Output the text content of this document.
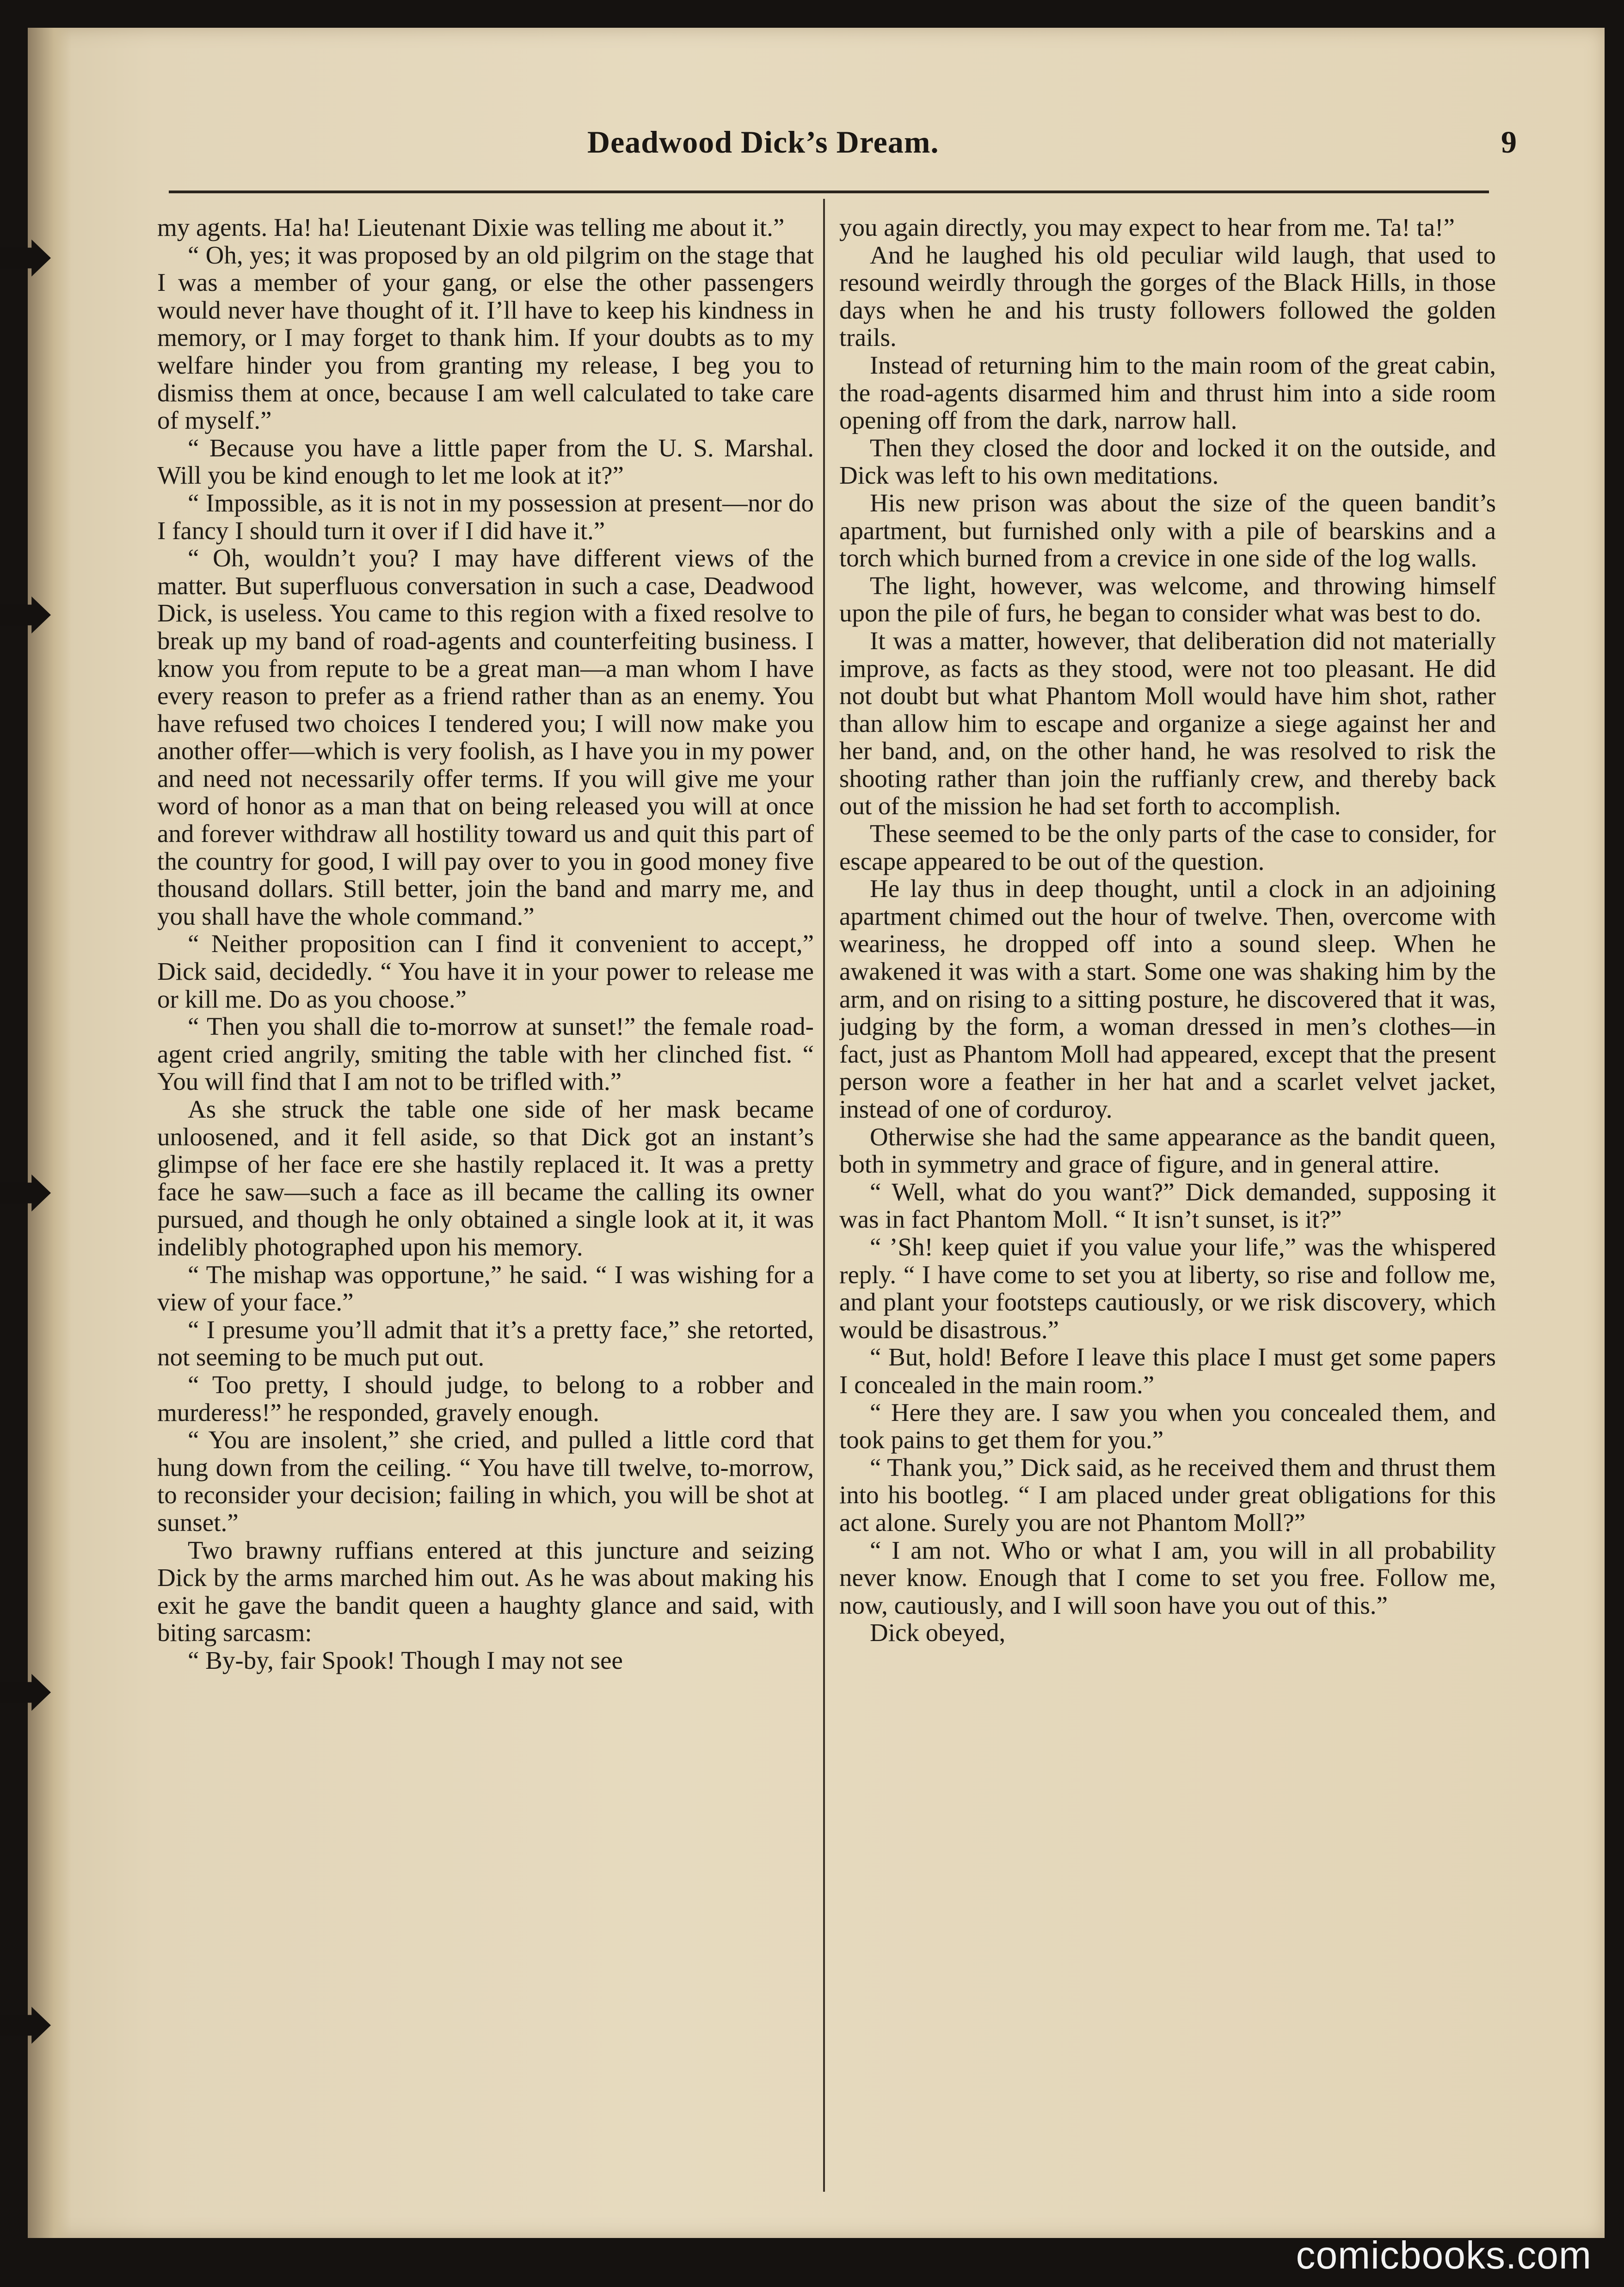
Deadwood Dick’s Dream.	9

my agents. Ha! ha! Lieutenant Dixie was telling me about it.”

“ Oh, yes; it was proposed by an old pilgrim on the stage that I was a member of your gang, or else the other passengers would never have thought of it. I’ll have to keep his kindness in memory, or I may forget to thank him. If your doubts as to my welfare hinder you from granting my release, I beg you to dismiss them at once, because I am well calculated to take care of myself.”

“ Because you have a little paper from the U. S. Marshal. Will you be kind enough to let me look at it?”

“ Impossible, as it is not in my possession at present—nor do I fancy I should turn it over if I did have it.”

“ Oh, wouldn’t you? I may have different views of the matter. But superfluous conversation in such a case, Deadwood Dick, is useless. You came to this region with a fixed resolve to break up my band of road-agents and counterfeiting business. I know you from repute to be a great man—a man whom I have every reason to prefer as a friend rather than as an enemy. You have refused two choices I tendered you; I will now make you another offer—which is very foolish, as I have you in my power and need not necessarily offer terms. If you will give me your word of honor as a man that on being released you will at once and forever withdraw all hostility toward us and quit this part of the country for good, I will pay over to you in good money five thousand dollars. Still better, join the band and marry me, and you shall have the whole command.”

“ Neither proposition can I find it convenient to accept,” Dick said, decidedly. “ You have it in your power to release me or kill me. Do as you choose.”

“ Then you shall die to-morrow at sunset!” the female road-agent cried angrily, smiting the table with her clinched fist. “ You will find that I am not to be trifled with.”

As she struck the table one side of her mask became unloosened, and it fell aside, so that Dick got an instant’s glimpse of her face ere she hastily replaced it. It was a pretty face he saw—such a face as ill became the calling its owner pursued, and though he only obtained a single look at it, it was indelibly photographed upon his memory.

“ The mishap was opportune,” he said. “ I was wishing for a view of your face.”

“ I presume you’ll admit that it’s a pretty face,” she retorted, not seeming to be much put out.

“ Too pretty, I should judge, to belong to a robber and murderess!” he responded, gravely enough.

“ You are insolent,” she cried, and pulled a little cord that hung down from the ceiling. “ You have till twelve, to-morrow, to reconsider your decision; failing in which, you will be shot at sunset.”

Two brawny ruffians entered at this juncture and seizing Dick by the arms marched him out. As he was about making his exit he gave the bandit queen a haughty glance and said, with biting sarcasm:

“ By-by, fair Spook! Though I may not see

you again directly, you may expect to hear from me. Ta! ta!”

And he laughed his old peculiar wild laugh, that used to resound weirdly through the gorges of the Black Hills, in those days when he and his trusty followers followed the golden trails.

Instead of returning him to the main room of the great cabin, the road-agents disarmed him and thrust him into a side room opening off from the dark, narrow hall.

Then they closed the door and locked it on the outside, and Dick was left to his own meditations.

His new prison was about the size of the queen bandit’s apartment, but furnished only with a pile of bearskins and a torch which burned from a crevice in one side of the log walls.

The light, however, was welcome, and throwing himself upon the pile of furs, he began to consider what was best to do.

It was a matter, however, that deliberation did not materially improve, as facts as they stood, were not too pleasant. He did not doubt but what Phantom Moll would have him shot, rather than allow him to escape and organize a siege against her and her band, and, on the other hand, he was resolved to risk the shooting rather than join the ruffianly crew, and thereby back out of the mission he had set forth to accomplish.

These seemed to be the only parts of the case to consider, for escape appeared to be out of the question.

He lay thus in deep thought, until a clock in an adjoining apartment chimed out the hour of twelve. Then, overcome with weariness, he dropped off into a sound sleep. When he awakened it was with a start. Some one was shaking him by the arm, and on rising to a sitting posture, he discovered that it was, judging by the form, a woman dressed in men’s clothes—in fact, just as Phantom Moll had appeared, except that the present person wore a feather in her hat and a scarlet velvet jacket, instead of one of corduroy.

Otherwise she had the same appearance as the bandit queen, both in symmetry and grace of figure, and in general attire.

“ Well, what do you want?” Dick demanded, supposing it was in fact Phantom Moll. “ It isn’t sunset, is it?”

“ ’Sh! keep quiet if you value your life,” was the whispered reply. “ I have come to set you at liberty, so rise and follow me, and plant your footsteps cautiously, or we risk discovery, which would be disastrous.”

“ But, hold! Before I leave this place I must get some papers I concealed in the main room.”

“ Here they are. I saw you when you concealed them, and took pains to get them for you.”

“ Thank you,” Dick said, as he received them and thrust them into his bootleg. “ I am placed under great obligations for this act alone. Surely you are not Phantom Moll?”

“ I am not. Who or what I am, you will in all probability never know. Enough that I come to set you free. Follow me, now, cautiously, and I will soon have you out of this.”

Dick obeyed,

comicbooks.com
